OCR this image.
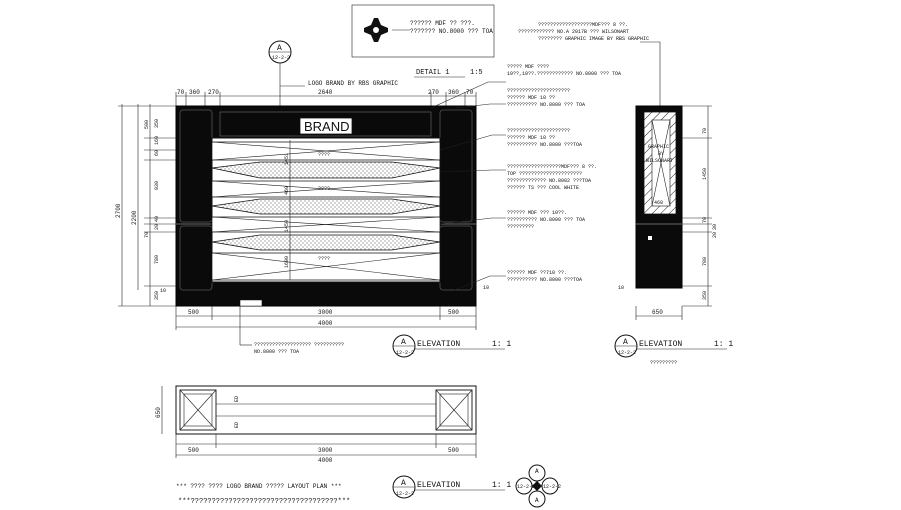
?????? MDF ?? ???.
??????? NO.8000 ??? TOA
A
12-2-2
LOGO BRAND BY RBS GRAPHIC
DETAIL 1	1:5
70 360 270	2640	270 360 70
BRAND
????
????
????
1451
460
1450
1600
2700 2200
500 350
160
60
930
40
20
70
780
350 10
500	3000	500
4000
10
??????????????????? ??????????
NO.8000 ??? TOA
????? MDF ????
10??,10??.???????????? NO.8000 ??? TOA
?????????????????????
?????? MDF 10 ??
?????????? NO.8000 ??? TOA
?????????????????????
?????? MDF 10 ??
?????????? NO.8000 ???TOA
??????????????????MDF??? 8 ??.
TOP ?????????????????????
????????????? NO.8002 ???TOA
?????? TS ??? COOL WHITE
?????? MDF ??? 10??.
?????????? NO.8000 ??? TOA
?????????
?????? MDF ??710 ??.
?????????? NO.8000 ???TOA
??????????????????MDF??? 8 ??.
???????????? NO.A 2017B ??? WILSONART
???????? GRAPHIC IMAGE BY RBS GRAPHIC
GRAPHIC
BY
WILSONART
460
70
1450
70
30
20
780
350
10
650
A
12-2-2
ELEVATION	1: 1	A
12-2-2
ELEVATION	1: 1
?????????
650
ED
ED
500	3000	500
4000
*** ???? ???? LOGO BRAND ????? LAYOUT PLAN ***
***???????????????????????????????????***
A
12-2-2
ELEVATION	1: 1
A
A
12-2-2 12-2-2
